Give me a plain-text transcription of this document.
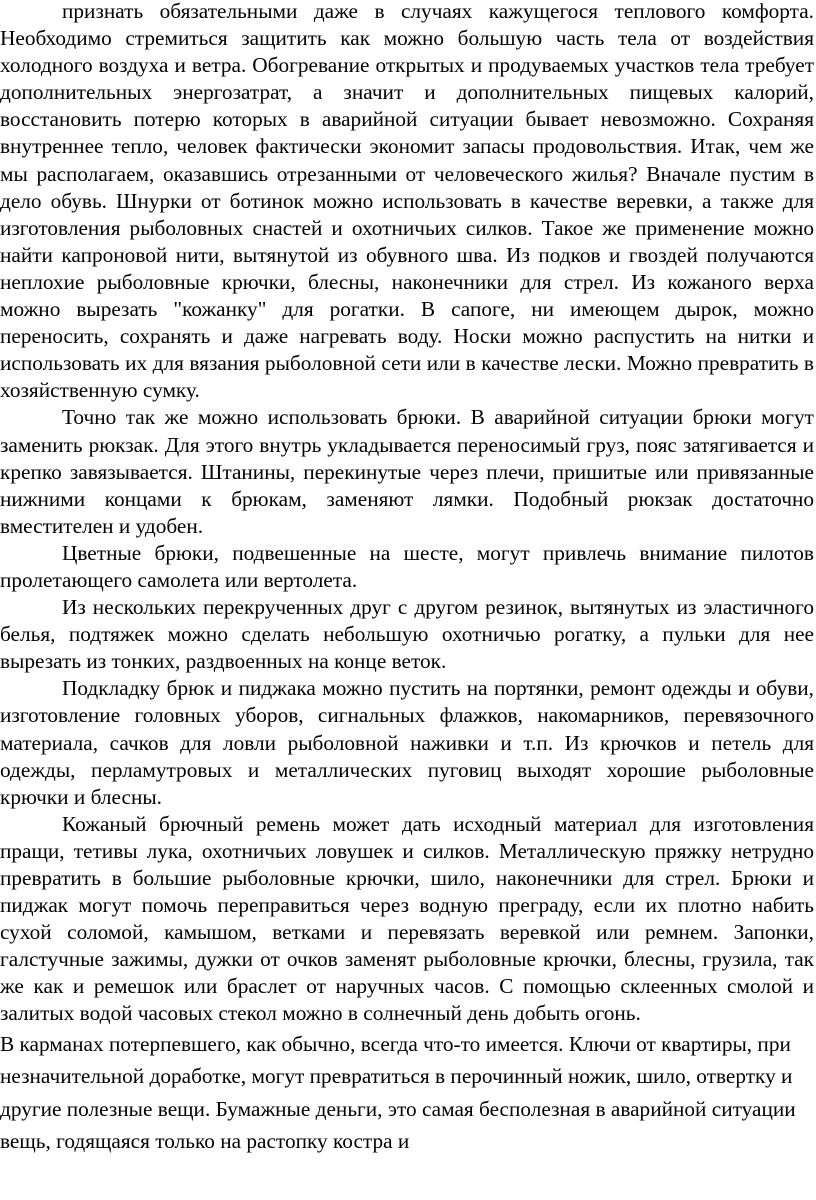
признать обязательными даже в случаях кажущегося теплового комфорта. Необходимо стремиться защитить как можно большую часть тела от воздействия холодного воздуха и ветра. Обогревание открытых и продуваемых участков тела требует дополнительных энергозатрат, а значит и дополнительных пищевых калорий, восстановить потерю которых в аварийной ситуации бывает невозможно. Сохраняя внутреннее тепло, человек фактически экономит запасы продовольствия. Итак, чем же мы располагаем, оказавшись отрезанными от человеческого жилья? Вначале пустим в дело обувь. Шнурки от ботинок можно использовать в качестве веревки, а также для изготовления рыболовных снастей и охотничьих силков. Такое же применение можно найти капроновой нити, вытянутой из обувного шва. Из подков и гвоздей получаются неплохие рыболовные крючки, блесны, наконечники для стрел. Из кожаного верха можно вырезать "кожанку" для рогатки. В сапоге, ни имеющем дырок, можно переносить, сохранять и даже нагревать воду. Носки можно распустить на нитки и использовать их для вязания рыболовной сети или в качестве лески. Можно превратить в хозяйственную сумку.

Точно так же можно использовать брюки. В аварийной ситуации брюки могут заменить рюкзак. Для этого внутрь укладывается переносимый груз, пояс затягивается и крепко завязывается. Штанины, перекинутые через плечи, пришитые или привязанные нижними концами к брюкам, заменяют лямки. Подобный рюкзак достаточно вместителен и удобен.

Цветные брюки, подвешенные на шесте, могут привлечь внимание пилотов пролетающего самолета или вертолета.

Из нескольких перекрученных друг с другом резинок, вытянутых из эластичного белья, подтяжек можно сделать небольшую охотничью рогатку, а пульки для нее вырезать из тонких, раздвоенных на конце веток.

Подкладку брюк и пиджака можно пустить на портянки, ремонт одежды и обуви, изготовление головных уборов, сигнальных флажков, накомарников, перевязочного материала, сачков для ловли рыболовной наживки и т.п. Из крючков и петель для одежды, перламутровых и металлических пуговиц выходят хорошие рыболовные крючки и блесны.

Кожаный брючный ремень может дать исходный материал для изготовления пращи, тетивы лука, охотничьих ловушек и силков. Металлическую пряжку нетрудно превратить в большие рыболовные крючки, шило, наконечники для стрел. Брюки и пиджак могут помочь переправиться через водную преграду, если их плотно набить сухой соломой, камышом, ветками и перевязать веревкой или ремнем. Запонки, галстучные зажимы, дужки от очков заменят рыболовные крючки, блесны, грузила, так же как и ремешок или браслет от наручных часов. С помощью склеенных смолой и залитых водой часовых стекол можно в солнечный день добыть огонь.

В карманах потерпевшего, как обычно, всегда что-то имеется. Ключи от квартиры, при незначительной доработке, могут превратиться в перочинный ножик, шило, отвертку и другие полезные вещи. Бумажные деньги, это самая бесполезная в аварийной ситуации вещь, годящаяся только на растопку костра и
